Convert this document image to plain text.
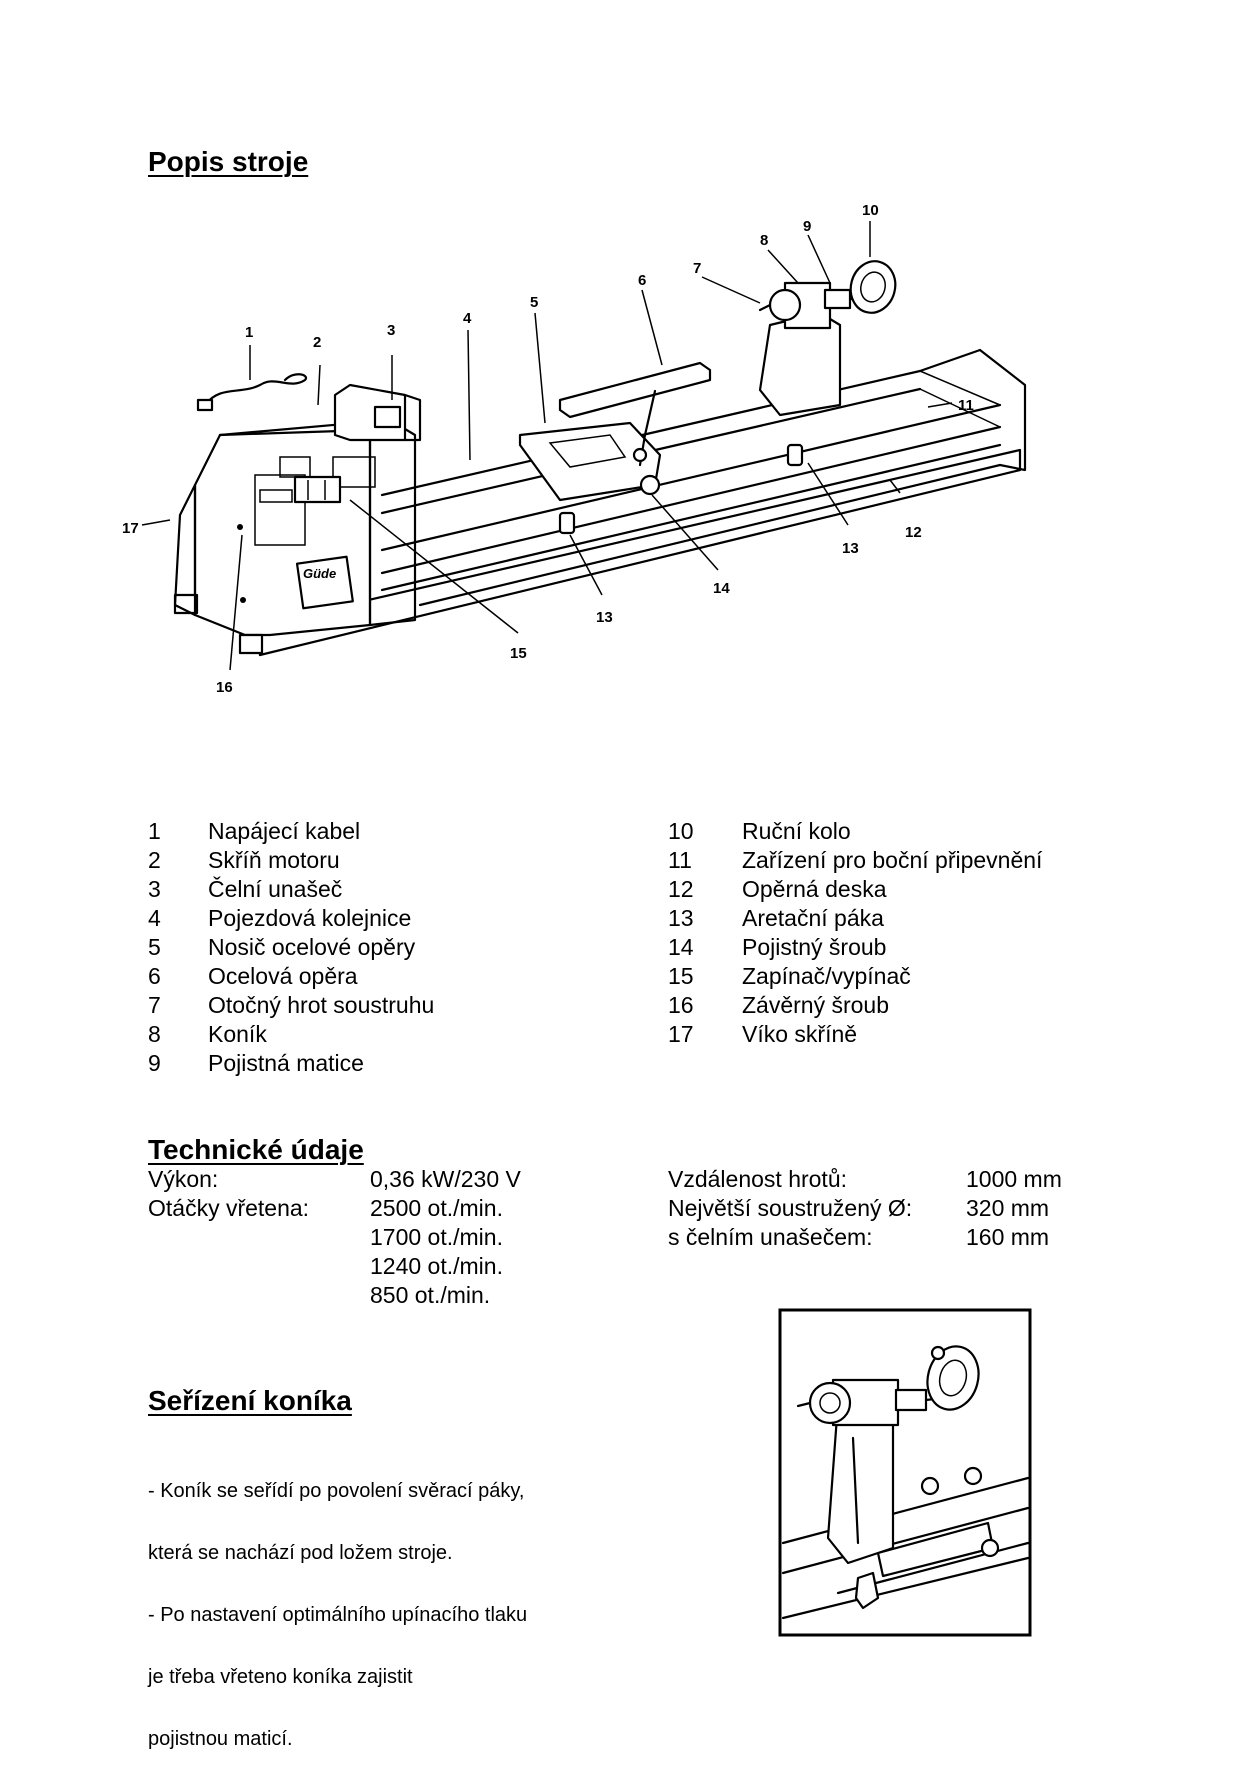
Popis stroje
Güde
1
2
3
4
5
6
7
8
9
10
11
12
13
13
14
15
16
17
1	Napájecí kabel
2	Skříň motoru
3	Čelní unašeč
4	Pojezdová kolejnice
5	Nosič ocelové opěry
6	Ocelová opěra
7	Otočný hrot soustruhu
8	Koník
9	Pojistná matice
10	Ruční kolo
11	Zařízení pro boční připevnění
12	Opěrná deska
13	Aretační páka
14	Pojistný šroub
15	Zapínač/vypínač
16	Závěrný šroub
17	Víko skříně
Technické údaje
Výkon:	0,36 kW/230 V
Otáčky vřetena:	2500 ot./min.
1700 ot./min.
1240 ot./min.
850 ot./min.
Vzdálenost hrotů:	1000 mm
Největší soustružený Ø:	320 mm
s čelním unašečem:	160 mm
Seřízení koníka

- Koník se seřídí po povolení svěrací páky,

která se nachází pod ložem stroje.

- Po nastavení optimálního upínacího tlaku

je třeba vřeteno koníka zajistit

pojistnou maticí.
